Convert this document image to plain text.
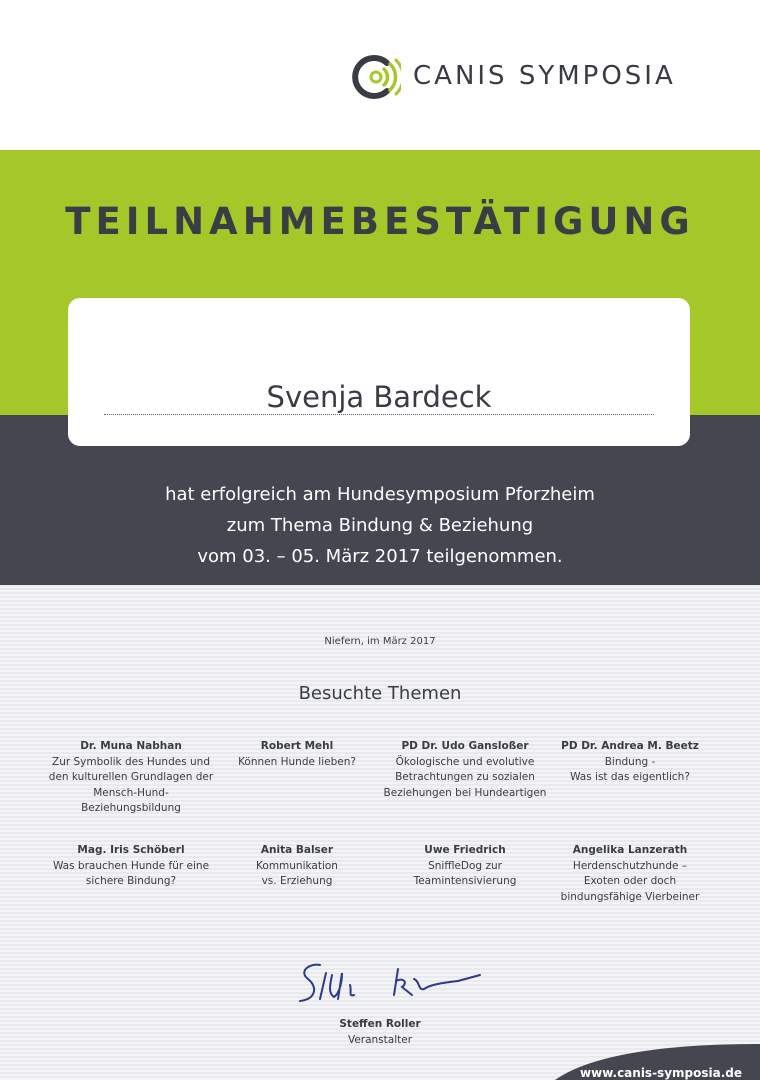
CANIS SYMPOSIA
TEILNAHMEBESTÄTIGUNG
Svenja Bardeck
hat erfolgreich am Hundesymposium Pforzheim
zum Thema Bindung & Beziehung
vom 03. – 05. März 2017 teilgenommen.
Niefern, im März 2017
Besuchte Themen
Dr. Muna Nabhan
Zur Symbolik des Hundes und
den kulturellen Grundlagen der
Mensch-Hund-
Beziehungsbildung
Robert Mehl
Können Hunde lieben?
PD Dr. Udo Gansloßer
Ökologische und evolutive
Betrachtungen zu sozialen
Beziehungen bei Hundeartigen
PD Dr. Andrea M. Beetz
Bindung -
Was ist das eigentlich?
Mag. Iris Schöberl
Was brauchen Hunde für eine
sichere Bindung?
Anita Balser
Kommunikation
vs. Erziehung
Uwe Friedrich
SniffleDog zur
Teamintensivierung
Angelika Lanzerath
Herdenschutzhunde –
Exoten oder doch
bindungsfähige Vierbeiner
Steffen Roller
Veranstalter
www.canis-symposia.de
